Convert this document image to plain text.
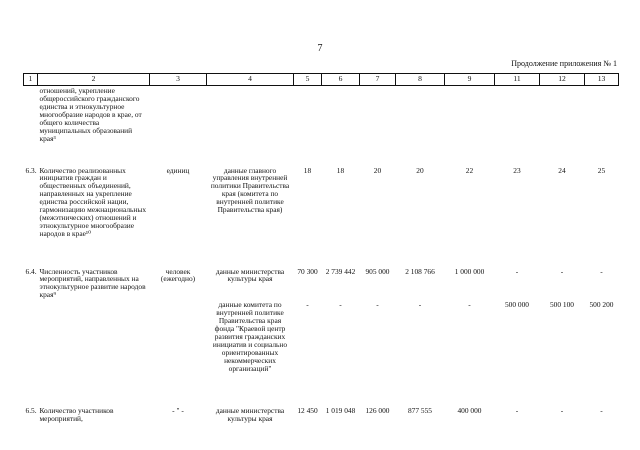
7
Продолжение приложения № 1
1	2	3	4	5	6	7	8	9	11	12	13
	отношений, укрепление общероссийского гражданского единства и этнокультурное многообразие народов в крае, от общего количества муниципальных образований края³										
6.3.	Количество реализованных инициатив граждан и общественных объединений, направленных на укрепление единства российской нации, гармонизацию межнациональных (межэтнических) отношений и этнокультурное многообразие народов в крае¹⁰	единиц	данные главного управления внутренней политики Правительства края (комитета по внутренней политике Правительства края)	18	18	20	20	22	23	24	25
6.4.	Численность участников мероприятий, направленных на этнокультурное развитие народов края⁹	человек (ежегодно)	данные министерства культуры края	70 300	2 739 442	905 000	2 108 766	1 000 000	-	-	-
			данные комитета по внутренней политике Правительства края фонда "Краевой центр развития гражданских инициатив и социально ориентированных некоммерческих организаций"	-	-	-	-	-	500 000	500 100	500 200
6.5.	Количество участников мероприятий,	- " -	данные министерства культуры края	12 450	1 019 048	126 000	877 555	400 000	-	-	-
